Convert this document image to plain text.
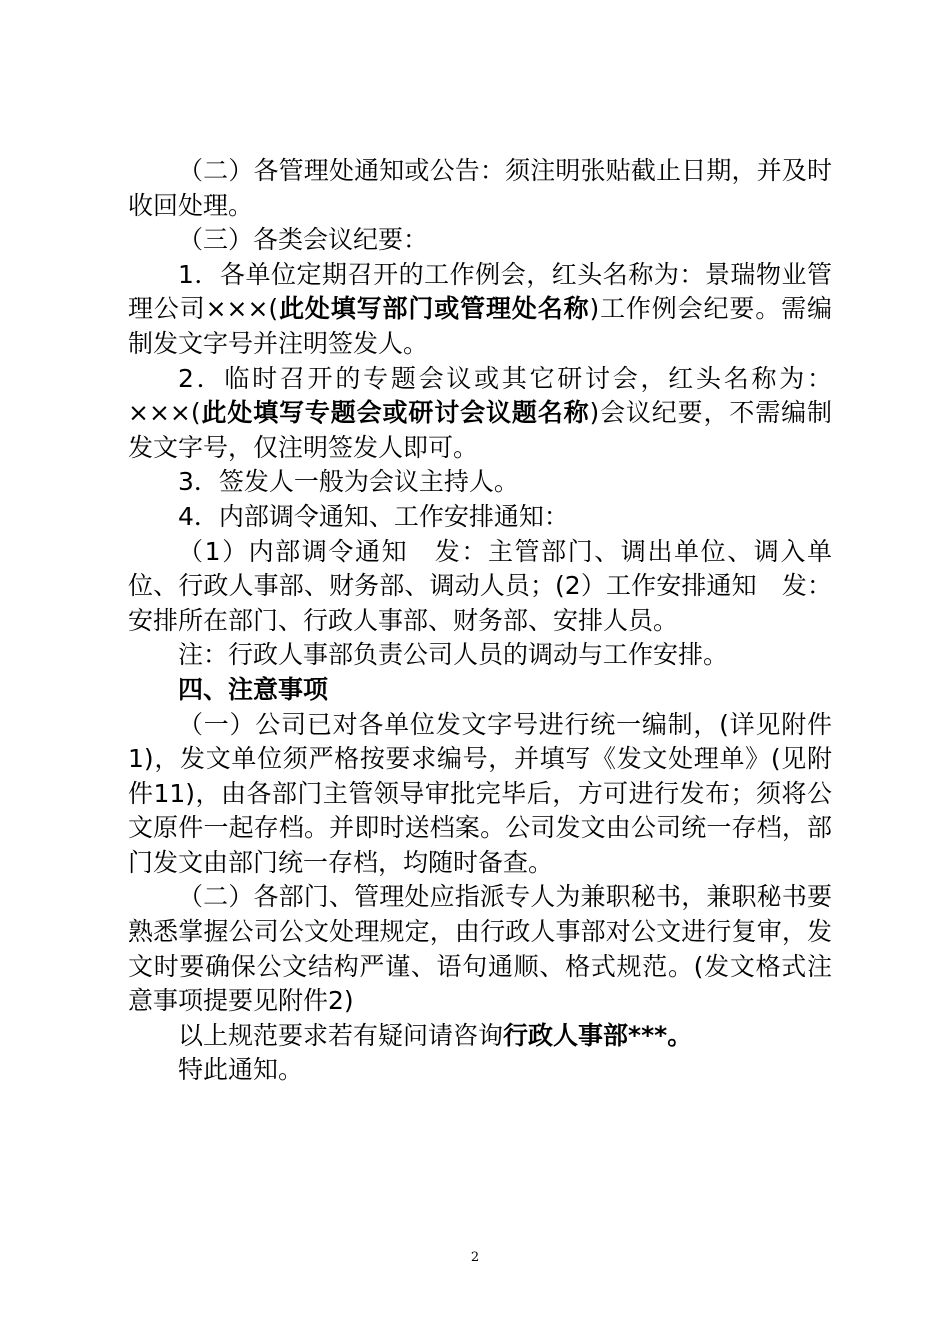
（二）各管理处通知或公告：须注明张贴截止日期，并及时收回处理。

（三）各类会议纪要：

1．各单位定期召开的工作例会，红头名称为：景瑞物业管理公司×××(此处填写部门或管理处名称)工作例会纪要。需编制发文字号并注明签发人。

2．临时召开的专题会议或其它研讨会，红头名称为：×××(此处填写专题会或研讨会议题名称)会议纪要，不需编制发文字号，仅注明签发人即可。

3．签发人一般为会议主持人。

4．内部调令通知、工作安排通知：

（1）内部调令通知　发：主管部门、调出单位、调入单位、行政人事部、财务部、调动人员；(2）工作安排通知　发：安排所在部门、行政人事部、财务部、安排人员。

注：行政人事部负责公司人员的调动与工作安排。

四、注意事项

（一）公司已对各单位发文字号进行统一编制，(详见附件1)，发文单位须严格按要求编号，并填写《发文处理单》(见附件11)，由各部门主管领导审批完毕后，方可进行发布；须将公文原件一起存档。并即时送档案。公司发文由公司统一存档，部门发文由部门统一存档，均随时备查。

（二）各部门、管理处应指派专人为兼职秘书，兼职秘书要熟悉掌握公司公文处理规定，由行政人事部对公文进行复审，发文时要确保公文结构严谨、语句通顺、格式规范。(发文格式注意事项提要见附件2)

以上规范要求若有疑问请咨询行政人事部***。

特此通知。

2
